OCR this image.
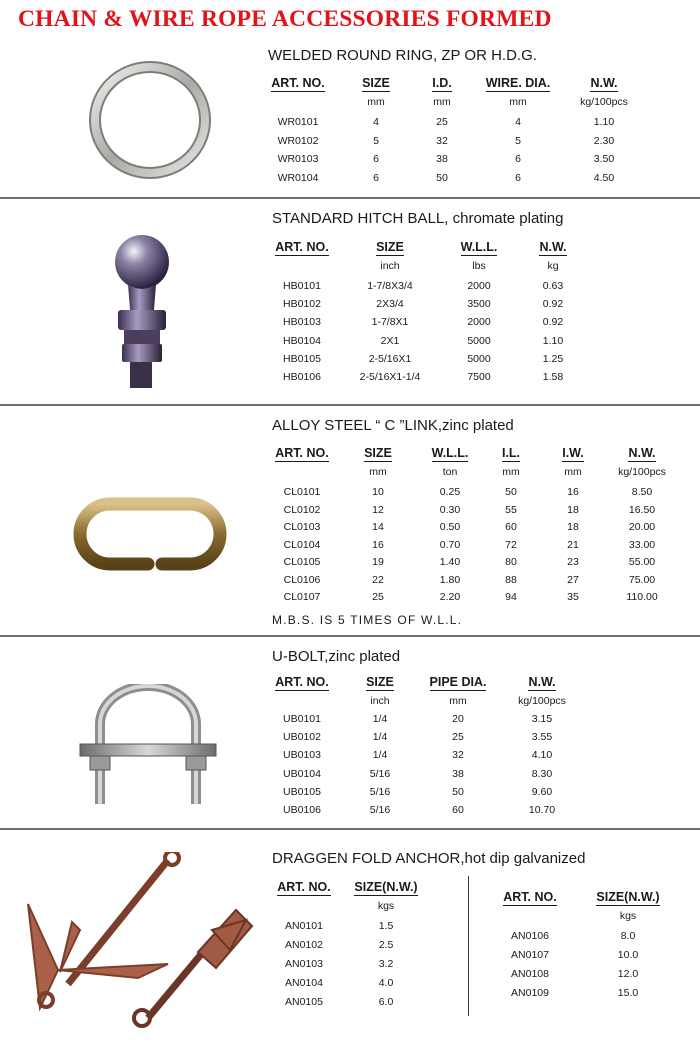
CHAIN & WIRE ROPE ACCESSORIES FORMED
WELDED ROUND RING, ZP OR H.D.G.
ART. NO.
WR0101
WR0102
WR0103
WR0104
SIZE
mm
4
5
6
6
I.D.
mm
25
32
38
50
WIRE. DIA.
mm
4
5
6
6
N.W.
kg/100pcs
1.10
2.30
3.50
4.50
STANDARD HITCH BALL, chromate plating
ART. NO.
HB0101
HB0102
HB0103
HB0104
HB0105
HB0106
SIZE
inch
1-7/8X3/4
2X3/4
1-7/8X1
2X1
2-5/16X1
2-5/16X1-1/4
W.L.L.
lbs
2000
3500
2000
5000
5000
7500
N.W.
kg
0.63
0.92
0.92
1.10
1.25
1.58
ALLOY STEEL “ C ”LINK,zinc plated
ART. NO.
CL0101
CL0102
CL0103
CL0104
CL0105
CL0106
CL0107
SIZE
mm
10
12
14
16
19
22
25
W.L.L.
ton
0.25
0.30
0.50
0.70
1.40
1.80
2.20
I.L.
mm
50
55
60
72
80
88
94
I.W.
mm
16
18
18
21
23
27
35
N.W.
kg/100pcs
8.50
16.50
20.00
33.00
55.00
75.00
110.00
M.B.S. IS 5 TIMES OF W.L.L.
U-BOLT,zinc plated
ART. NO.
UB0101
UB0102
UB0103
UB0104
UB0105
UB0106
SIZE
inch
1/4
1/4
1/4
5/16
5/16
5/16
PIPE DIA.
mm
20
25
32
38
50
60
N.W.
kg/100pcs
3.15
3.55
4.10
8.30
9.60
10.70
DRAGGEN FOLD ANCHOR,hot dip galvanized
ART. NO.
AN0101
AN0102
AN0103
AN0104
AN0105
SIZE(N.W.)
kgs
1.5
2.5
3.2
4.0
6.0
ART. NO.
AN0106
AN0107
AN0108
AN0109
SIZE(N.W.)
kgs
8.0
10.0
12.0
15.0
